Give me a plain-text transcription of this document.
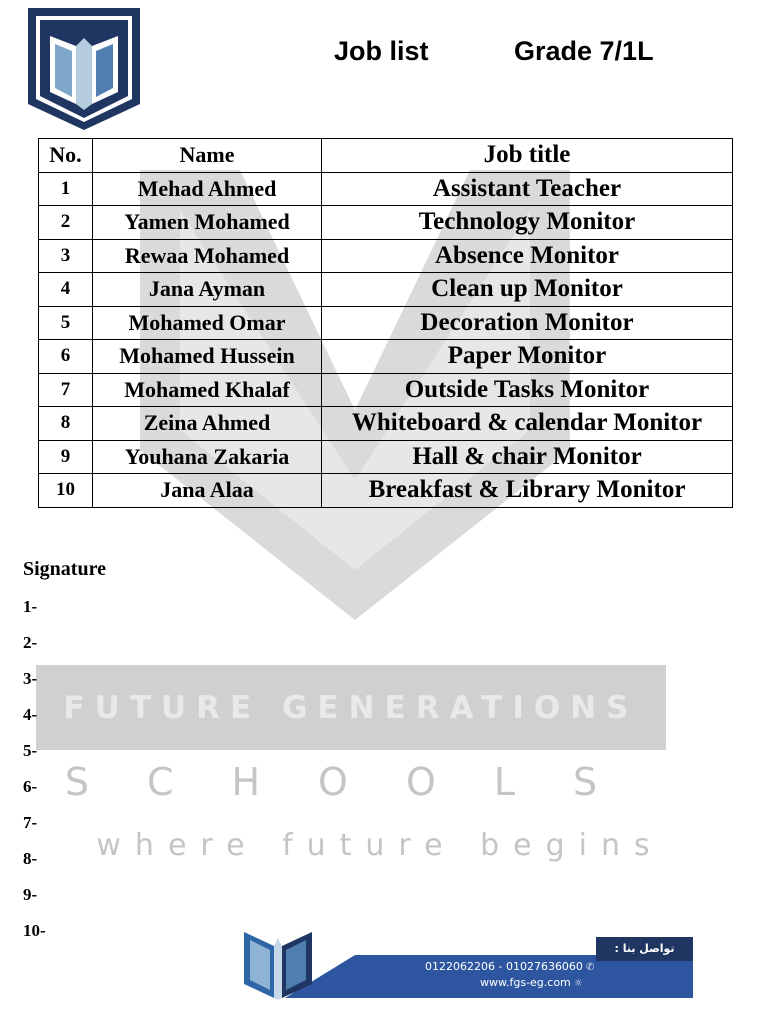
FUTURE GENERATIONS
SCHOOLS
where future begins
Job list	Grade 7/1L
No.	Name	Job title
1	Mehad Ahmed	Assistant Teacher
2	Yamen Mohamed	Technology Monitor
3	Rewaa Mohamed	Absence Monitor
4	Jana Ayman	Clean up Monitor
5	Mohamed Omar	Decoration Monitor
6	Mohamed Hussein	Paper Monitor
7	Mohamed Khalaf	Outside Tasks Monitor
8	Zeina Ahmed	Whiteboard & calendar Monitor
9	Youhana Zakaria	Hall & chair Monitor
10	Jana Alaa	Breakfast & Library Monitor
Signature
1-
2-
3-
4-
5-
6-
7-
8-
9-
10-
تواصل بنا :
0122062206 - 01027636060 ✆
www.fgs-eg.com ☼
